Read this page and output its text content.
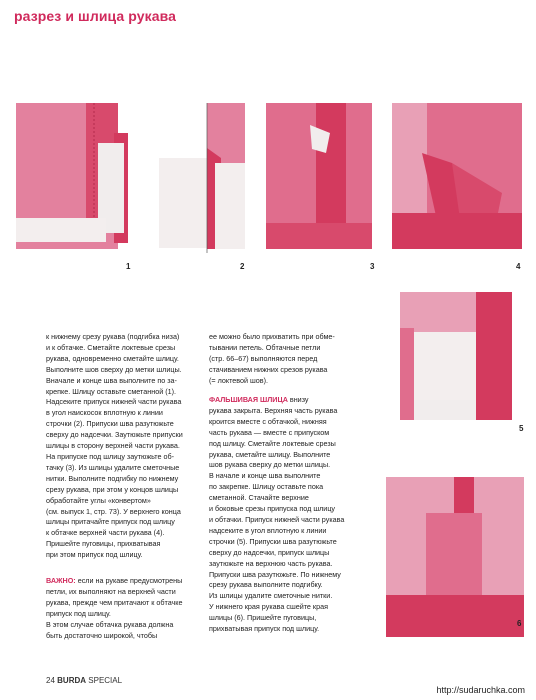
разрез и шлица рукава
1	2	3	4
5
6

к нижнему срезу рукава (подгибка низа)

и к обтачке. Сметайте локтевые срезы

рукава, одновременно сметайте шлицу.

Выполните шов сверху до метки шлицы.

Вначале и конце шва выполните по за-

крепке. Шлицу оставьте сметанной (1).

Надсеките припуск нижней части рукава

в угол наискосок вплотную к линии

строчки (2). Припуски шва разутюжьте

сверху до надсечки. Заутюжьте припуски

шлицы в сторону верхней части рукава.

На припуске под шлицу заутюжьте об-

тачку (3). Из шлицы удалите сметочные

нитки. Выполните подгибку по нижнему

срезу рукава, при этом у концов шлицы

обработайте углы «конвертом»

(см. выпуск 1, стр. 73). У верхнего конца

шлицы притачайте припуск под шлицу

к обтачке верхней части рукава (4).

Пришейте пуговицы, прихватывая

при этом припуск под шлицу.

ВАЖНО: если на рукаве предусмотрены

петли, их выполняют на верхней части

рукава, прежде чем притачают к обтачке

припуск под шлицу.

В этом случае обтачка рукава должна

быть достаточно широкой, чтобы

ее можно было прихватить при обме-

тывании петель. Обтачные петли

(стр. 66–67) выполняются перед

стачиванием нижних срезов рукава

(= локтевой шов).

ФАЛЬШИВАЯ ШЛИЦА внизу

рукава закрыта. Верхняя часть рукава

кроится вместе с обтачкой, нижняя

часть рукава — вместе с припуском

под шлицу. Сметайте локтевые срезы

рукава, сметайте шлицу. Выполните

шов рукава сверху до метки шлицы.

В начале и конце шва выполните

по закрепке. Шлицу оставьте пока

сметанной. Стачайте верхние

и боковые срезы припуска под шлицу

и обтачки. Припуск нижней части рукава

надсеките в угол вплотную к линии

строчки (5). Припуски шва разутюжьте

сверху до надсечки, припуск шлицы

заутюжьте на верхнюю часть рукава.

Припуски шва разутюжьте. По нижнему

срезу рукава выполните подгибку.

Из шлицы удалите сметочные нитки.

У нижнего края рукава сшейте края

шлицы (6). Пришейте пуговицы,

прихватывая припуск под шлицу.

24 BURDA SPECIAL
http://sudaruchka.com
